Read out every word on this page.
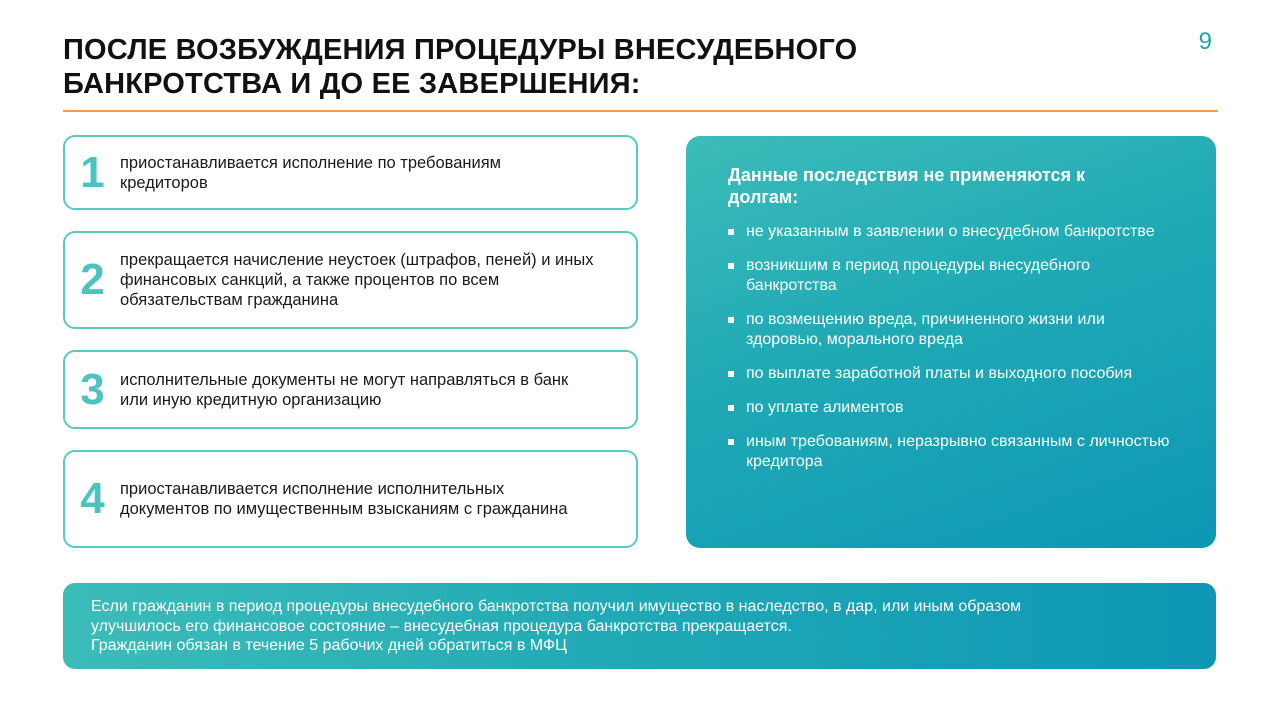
ПОСЛЕ ВОЗБУЖДЕНИЯ ПРОЦЕДУРЫ ВНЕСУДЕБНОГО
БАНКРОТСТВА И ДО ЕЕ ЗАВЕРШЕНИЯ:
9
1 приостанавливается исполнение по требованиям кредиторов
2 прекращается начисление неустоек (штрафов, пеней) и иных финансовых санкций, а также процентов по всем обязательствам гражданина
3 исполнительные документы не могут направляться в банк или иную кредитную организацию
4 приостанавливается исполнение исполнительных документов по имущественным взысканиям с гражданина
Данные последствия не применяются к долгам:
не указанным в заявлении о внесудебном банкротстве
возникшим в период процедуры внесудебного банкротства
по возмещению вреда, причиненного жизни или здоровью, морального вреда
по выплате заработной платы и выходного пособия
по уплате алиментов
иным требованиям, неразрывно связанным с личностью кредитора
Если гражданин в период процедуры внесудебного банкротства получил имущество в наследство, в дар, или иным образом
улучшилось его финансовое состояние – внесудебная процедура банкротства прекращается.
Гражданин обязан в течение 5 рабочих дней обратиться в МФЦ
